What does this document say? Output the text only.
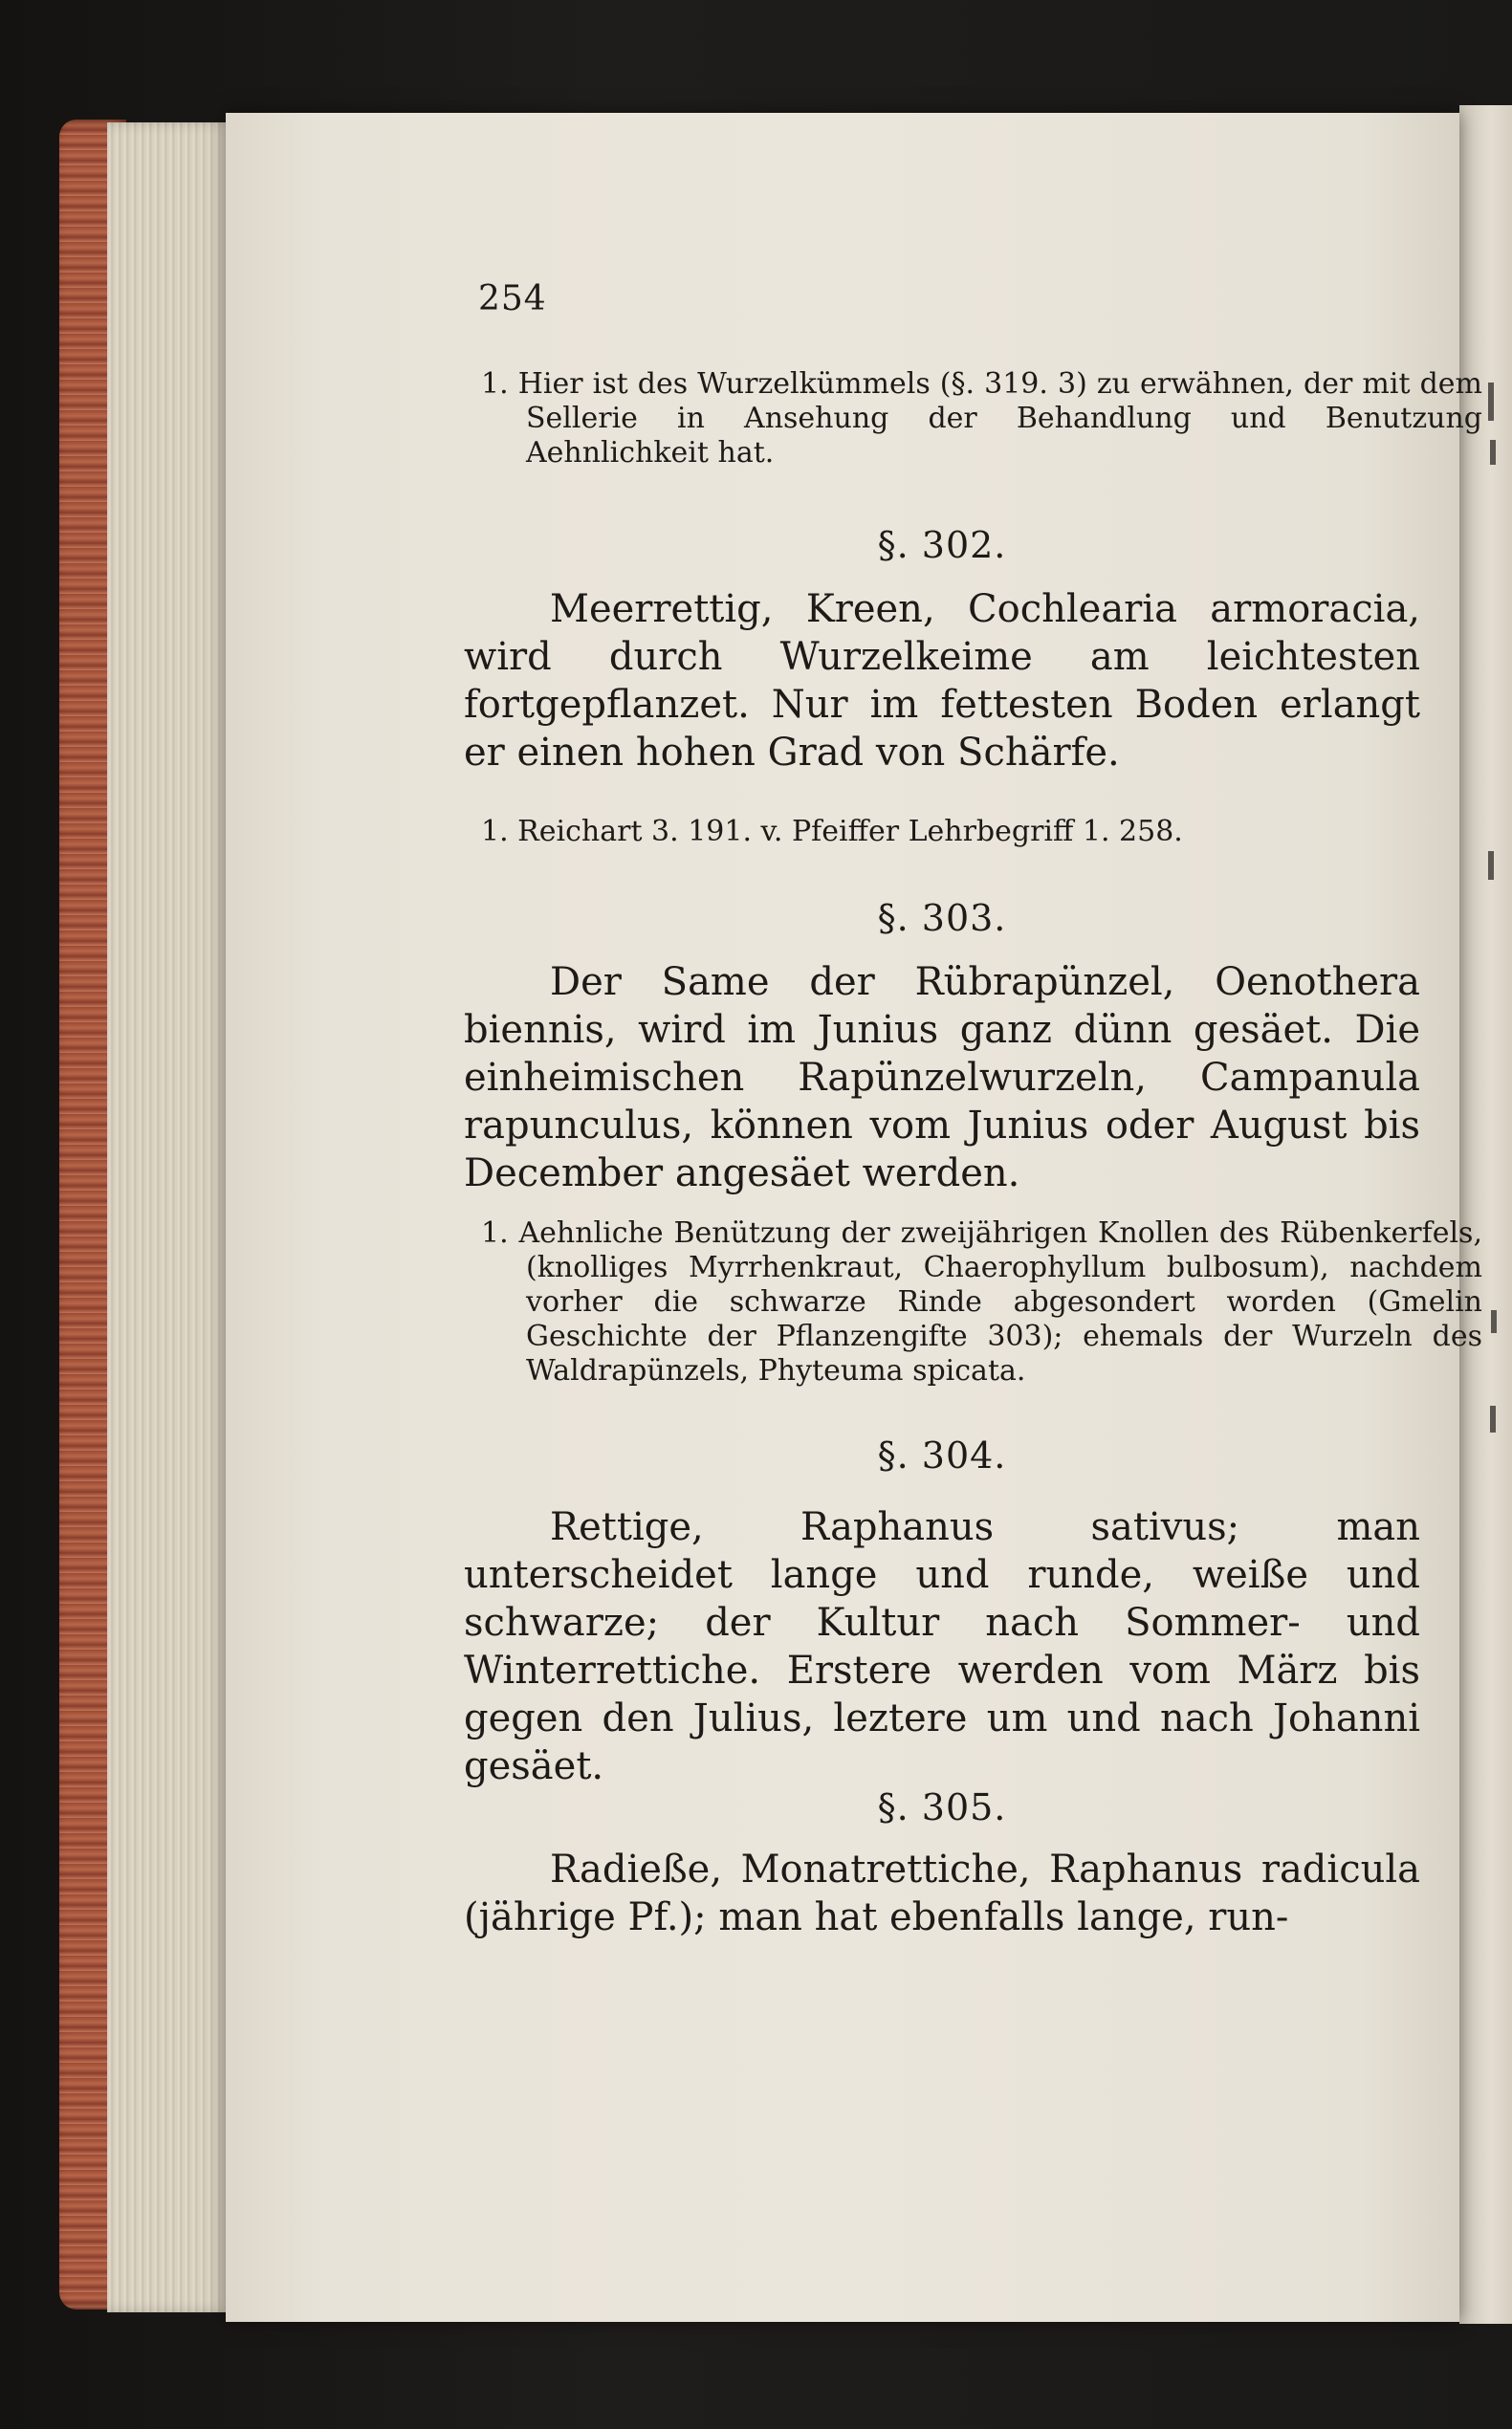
254

1. Hier ist des Wurzelkümmels (§. 319. 3) zu erwähnen, der mit dem Sellerie in Ansehung der Behandlung und Benutzung Aehnlichkeit hat.

§. 302.

Meerrettig, Kreen, Cochlearia armoracia, wird durch Wurzelkeime am leichtesten fortgepflanzet. Nur im fettesten Boden erlangt er einen hohen Grad von Schärfe.

1. Reichart 3. 191. v. Pfeiffer Lehrbegriff 1. 258.

§. 303.

Der Same der Rübrapünzel, Oenothera biennis, wird im Junius ganz dünn gesäet. Die einheimischen Rapünzelwurzeln, Campanula rapunculus, können vom Junius oder August bis December angesäet werden.

1. Aehnliche Benützung der zweijährigen Knollen des Rübenkerfels, (knolliges Myrrhenkraut, Chaerophyllum bulbosum), nachdem vorher die schwarze Rinde abgesondert worden (Gmelin Geschichte der Pflanzengifte 303); ehemals der Wurzeln des Waldrapünzels, Phyteuma spicata.

§. 304.

Rettige, Raphanus sativus; man unterscheidet lange und runde, weiße und schwarze; der Kultur nach Sommer- und Winterrettiche. Erstere werden vom März bis gegen den Julius, leztere um und nach Johanni gesäet.

§. 305.

Radieße, Monatrettiche, Raphanus radicula (jährige Pf.); man hat ebenfalls lange, run-
